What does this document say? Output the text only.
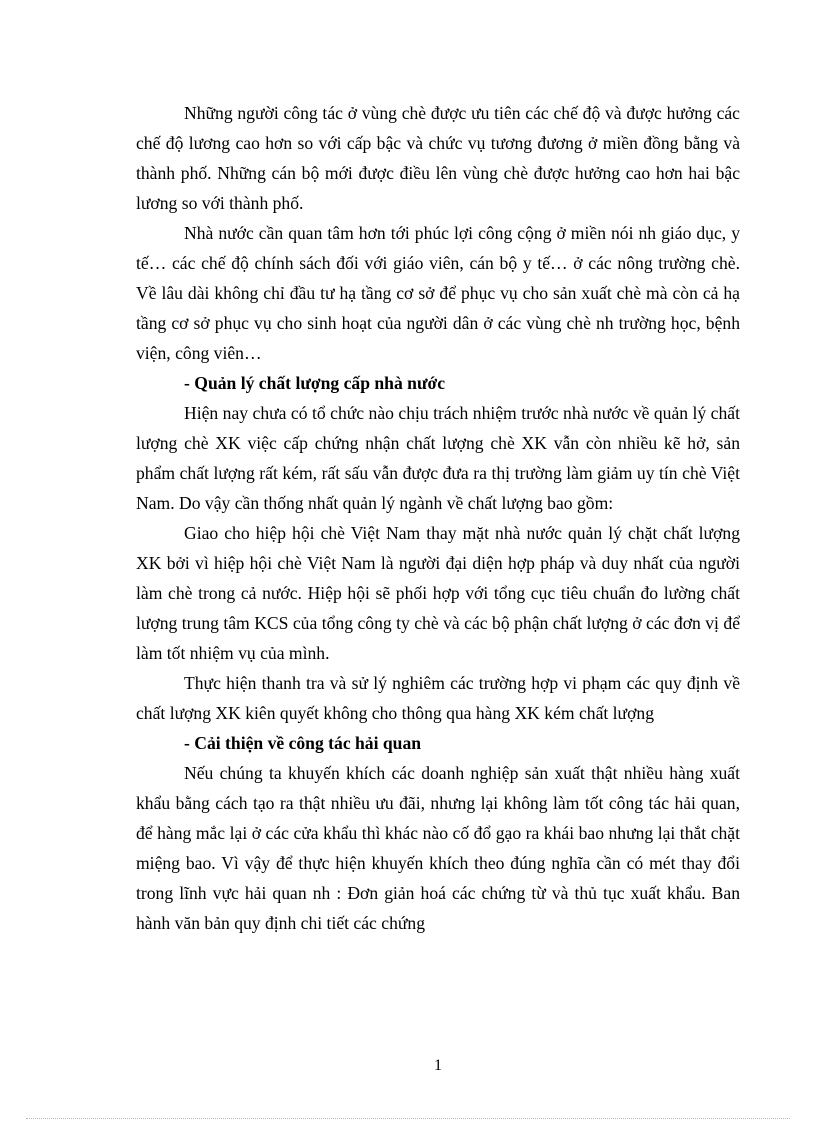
Những người công tác ở vùng chè được ưu tiên các chế độ và được hưởng các chế độ lương cao hơn so với cấp bậc và chức vụ tương đương ở miền đồng bằng và thành phố. Những cán bộ mới được điều lên vùng chè được hưởng cao hơn hai bậc lương so với thành phố.

Nhà nước cần quan tâm hơn tới phúc lợi công cộng ở miền nói nh giáo dục, y tế… các chế độ chính sách đối với giáo viên, cán bộ y tế… ở các nông trường chè. Về lâu dài không chỉ đầu tư hạ tầng cơ sở để phục vụ cho sản xuất chè mà còn cả hạ tầng cơ sở phục vụ cho sinh hoạt của người dân ở các vùng chè nh trường học, bệnh viện, công viên…

- Quản lý chất lượng cấp nhà nước

Hiện nay chưa có tổ chức nào chịu trách nhiệm trước nhà nước về quản lý chất lượng chè XK việc cấp chứng nhận chất lượng chè XK vẫn còn nhiều kẽ hở, sản phẩm chất lượng rất kém, rất sấu vẫn được đưa ra thị trường làm giảm uy tín chè Việt Nam. Do vậy cần thống nhất quản lý ngành về chất lượng bao gồm:

Giao cho hiệp hội chè Việt Nam thay mặt nhà nước quản lý chặt chất lượng XK bởi vì hiệp hội chè Việt Nam là người đại diện hợp pháp và duy nhất của người làm chè trong cả nước. Hiệp hội sẽ phối hợp với tổng cục tiêu chuẩn đo lường chất lượng trung tâm KCS của tổng công ty chè và các bộ phận chất lượng ở các đơn vị để làm tốt nhiệm vụ của mình.

Thực hiện thanh tra và sử lý nghiêm các trường hợp vi phạm các quy định về chất lượng XK kiên quyết không cho thông qua hàng XK kém chất lượng

- Cải thiện về công tác hải quan

Nếu chúng ta khuyến khích các doanh nghiệp sản xuất thật nhiều hàng xuất khẩu bằng cách tạo ra thật nhiều ưu đãi, nhưng lại không làm tốt công tác hải quan, để hàng mắc lại ở các cửa khẩu thì khác nào cố đổ gạo ra khái bao nhưng lại thắt chặt miệng bao. Vì vậy để thực hiện khuyến khích theo đúng nghĩa cần có mét thay đổi trong lĩnh vực hải quan nh : Đơn giản hoá các chứng từ và thủ tục xuất khẩu. Ban hành văn bản quy định chi tiết các chứng

1
